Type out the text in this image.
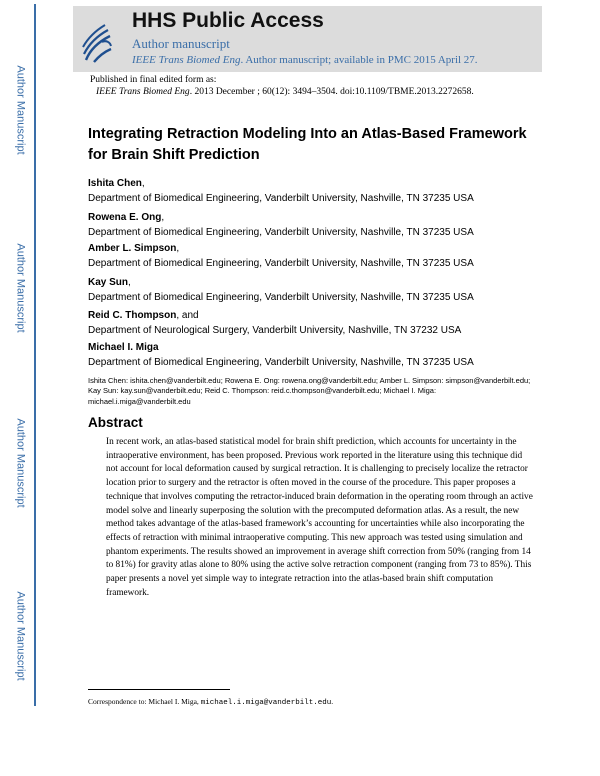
Author Manuscript
Author Manuscript
Author Manuscript
Author Manuscript
HHS Public Access
Author manuscript
IEEE Trans Biomed Eng. Author manuscript; available in PMC 2015 April 27.
Published in final edited form as:
IEEE Trans Biomed Eng. 2013 December ; 60(12): 3494–3504. doi:10.1109/TBME.2013.2272658.
Integrating Retraction Modeling Into an Atlas-Based Framework for Brain Shift Prediction
Ishita Chen,
Department of Biomedical Engineering, Vanderbilt University, Nashville, TN 37235 USA
Rowena E. Ong,
Department of Biomedical Engineering, Vanderbilt University, Nashville, TN 37235 USA
Amber L. Simpson,
Department of Biomedical Engineering, Vanderbilt University, Nashville, TN 37235 USA
Kay Sun,
Department of Biomedical Engineering, Vanderbilt University, Nashville, TN 37235 USA
Reid C. Thompson, and
Department of Neurological Surgery, Vanderbilt University, Nashville, TN 37232 USA
Michael I. Miga
Department of Biomedical Engineering, Vanderbilt University, Nashville, TN 37235 USA
Ishita Chen: ishita.chen@vanderbilt.edu; Rowena E. Ong: rowena.ong@vanderbilt.edu; Amber L. Simpson: simpson@vanderbilt.edu; Kay Sun: kay.sun@vanderbilt.edu; Reid C. Thompson: reid.c.thompson@vanderbilt.edu; Michael I. Miga: michael.i.miga@vanderbilt.edu
Abstract
In recent work, an atlas-based statistical model for brain shift prediction, which accounts for uncertainty in the intraoperative environment, has been proposed. Previous work reported in the literature using this technique did not account for local deformation caused by surgical retraction. It is challenging to precisely localize the retractor location prior to surgery and the retractor is often moved in the course of the procedure. This paper proposes a technique that involves computing the retractor-induced brain deformation in the operating room through an active model solve and linearly superposing the solution with the precomputed deformation atlas. As a result, the new method takes advantage of the atlas-based framework’s accounting for uncertainties while also incorporating the effects of retraction with minimal intraoperative computing. This new approach was tested using simulation and phantom experiments. The results showed an improvement in average shift correction from 50% (ranging from 14 to 81%) for gravity atlas alone to 80% using the active solve retraction component (ranging from 73 to 85%). This paper presents a novel yet simple way to integrate retraction into the atlas-based brain shift computation framework.
Correspondence to: Michael I. Miga, michael.i.miga@vanderbilt.edu.
